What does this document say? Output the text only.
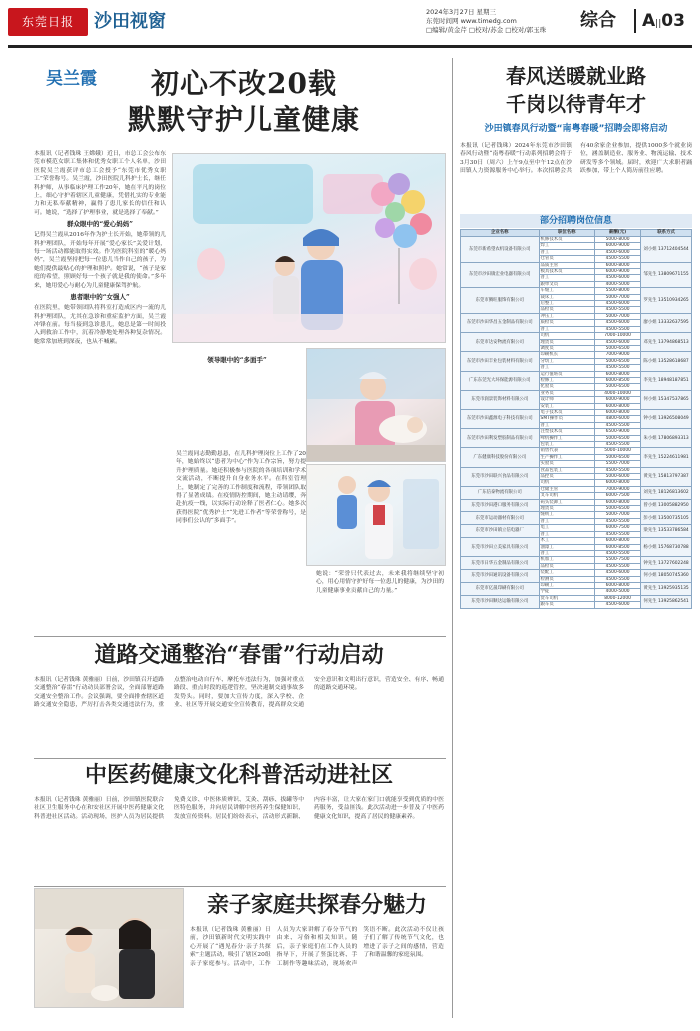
东莞日报	沙田视窗	2024年3月27日 星期三
东莞时间网 www.timedg.com
□编辑/黄金芹 □校对/苏金 □校对/郭玉珠	综合	A||03
吴兰霞	初心不改20载
默默守护儿童健康

本报讯（记者钱珠 王嫦娥）近日，市总工会公布东莞市模范女职工集体和优秀女职工个人名单，沙田医院吴兰霞获评市总工会授予“东莞市优秀女职工”荣誉称号。吴兰霞，沙田医院儿科护士长，继任科护师，从事临床护理工作20年，她在平凡的岗位上，细心守护着辖区儿童健康，凭借扎实的专业能力和无私奉献精神，赢得了患儿家长的信任和认可。她说，“选择了护理事业，就是选择了奉献。”

群众眼中的“爱心妈妈”

记得吴兰霞从2016年作为护士长开始，她带领的儿科护理团队，开始每年开展“爱心家长”关爱计划，每一场活动都能取得实效。作为医院科室的“暖心妈妈”，吴兰霞坚持把每一位患儿当作自己的孩子，为她们提供最贴心的护理和照护。她常说，“孩子是家庭的希望，照顾好每一个孩子就是我的使命。”多年来，她用爱心与耐心为儿童健康保驾护航。

患者眼中的“女强人”

在医院里，她带领团队将科室打造成区内一流的儿科护理团队，尤其在急诊和重症监护方面，吴兰霞冲锋在前。每当接到急诊患儿，她总是第一时间投入到救治工作中，沉着冷静地处理各种复杂情况。她常常加班到深夜，也从不喊累。

领导眼中的“多面手”

吴兰霞同志勤勤恳恳，在儿科护理岗位上工作了20年，她始终以“患者为中心”作为工作宗旨，努力提升护理质量。她还积极参与医院的各项培训和学术交流活动，不断提升自身业务水平。在科室管理上，她制定了完善的工作制度和流程，带领团队取得了显著成绩。在疫情防控期间，她主动请缨，奔赴抗疫一线，以实际行动诠释了医者仁心。她多次获得医院“优秀护士”“先进工作者”等荣誉称号，是同事们公认的“多面手”。

她说：“荣誉只代表过去，未来我将继续坚守初心，用心用情守护好每一位患儿的健康，为沙田的儿童健康事业贡献自己的力量。”

道路交通整治“春雷”行动启动

本报讯（记者钱珠 黄雅丽）日前，沙田镇召开道路交通整治“春雷”行动动员部署会议，全面部署道路交通安全整治工作。会议强调，要全面排查辖区道路交通安全隐患，严厉打击各类交通违法行为，重点整治电动自行车、摩托车违法行为，加强对重点路段、重点时段的巡逻管控，坚决遏制交通事故多发势头。同时，要加大宣传力度，深入学校、企业、社区等开展交通安全宣传教育，提高群众交通安全意识和文明出行意识，营造安全、有序、畅通的道路交通环境。

中医药健康文化科普活动进社区

本报讯（记者钱珠 黄雅丽）日前，沙田镇医院联合社区卫生服务中心在和安社区开展中医药健康文化科普进社区活动。活动现场，医护人员为居民提供免费义诊、中医体质辨识、艾灸、刮痧、拔罐等中医特色服务，并向居民讲解中医药养生保健知识，发放宣传资料。居民们纷纷表示，活动形式新颖、内容丰富，让大家在家门口就能享受到优质的中医药服务，受益匪浅。此次活动进一步普及了中医药健康文化知识，提高了居民的健康素养。

亲子家庭共探春分魅力

本报讯（记者钱珠 黄雅丽）日前，沙田镇新时代文明实践中心开展了“遇见春分·亲子共探索”主题活动，吸引了辖区20组亲子家庭参与。活动中，工作人员为大家讲解了春分节气的由来、习俗和相关知识。随后，亲子家庭们在工作人员的指导下，开展了竖蛋比赛、手工制作等趣味活动，现场欢声笑语不断。此次活动不仅让孩子们了解了传统节气文化，也增进了亲子之间的感情，营造了和谐温馨的家庭氛围。

春风送暖就业路
千岗以待青年才
沙田镇春风行动暨“南粤春暖”招聘会即将启动

本报讯（记者钱珠）2024年东莞市沙田镇春风行动暨“南粤春暖”行动系列招聘会将于3月30日（周六）上午9点至中午12点在沙田镇人力资源服务中心举行。本次招聘会共有40余家企业参加，提供1000多个就业岗位，涵盖制造业、服务业、物流运输、技术研发等多个领域。届时，欢迎广大求职者踊跃参加，带上个人简历前往应聘。

部分招聘岗位信息
企业名称	职位名称	薪酬(元)	联系方式
东莞市新希望农机设备有限公司	机修技术员	5000-8000	刘小姐 13712404544
	焊工	6000-9000	
	普工	4500-6000	
	仓管员	4500-5500	
东莞市沙田镇宏业电器有限公司	品质主管	6000-8000	邹先生 13809671155
	模具技术员	6000-9000	
	普工	4500-6000	
	跟单文员	4000-5000	
东莞市腾旺服饰有限公司	车缝工	5500-8000	罗先生 13510934265
	裁床工	5000-7000	
	后整工	4500-6000	
	品检员	4500-5500	
东莞市沙田华昌五金制品有限公司	冲压工	5000-7000	廖小姐 13332637595
	质检员	4500-6000	
	普工	4500-5500	
东莞市达安物流有限公司	司机	7000-10000	邓先生 13794868513
	理货员	4500-6000	
	调度员	5000-6500	
东莞市沙田丰业包装材料有限公司	印刷机长	7000-9000	陈小姐 13528618687
	分切工	5000-6500	
	普工	4500-5500	
广东东莞光大环保能源有限公司	运行值班员	6000-8000	李先生 18948187851
	检修工	6000-8500	
	化验员	5000-6500	
东莞市润景装饰材料有限公司	业务员	4000-10000	何小姐 15347537865
	设计师	6000-9000	
	安装工	6000-8000	
东莞市沙田鑫源电子科技有限公司	电子技术员	6000-8000	钟小姐 13926508049
	SMT操作员	4800-6000	
	普工	4500-5500	
东莞市沙田利发塑胶制品有限公司	注塑技术员	6500-9000	朱小姐 17806893313
	啤机操作工	5000-6500	
	包装工	4500-5500	
广东健康科技股份有限公司	销售代表	5000-10000	李先生 15224611981
	生产操作工	5000-6500	
	实验员	5500-7000	
东莞市沙田联兴食品有限公司	食品包装工	4500-5500	黄先生 15813797387
	品控员	5000-6000	
	司机	6000-8000	
广东信泰物流有限公司	仓储主管	7000-9000	刘先生 18126813602
	叉车司机	6000-7500	
东莞市沙田港口服务有限公司	码头装卸工	6000-8000	曾小姐 13005882950
	理货员	5000-6500	
东莞市运动器材有限公司	缝纫工	5000-7000	彭小姐 13500735105
	普工	4500-5500	
东莞市沙田镇立信电器厂	电工	6000-7500	梁先生 13533786584
	普工	4500-5500	
东莞市沙田立美家具有限公司	木工	6000-8000	杨小姐 15768730788
	油漆工	6000-8500	
	普工	4500-5500	
东莞市日华五金制品有限公司	机加工	5500-7500	钟先生 13727602248
	品检员	4500-5500	
东莞市沙田通讯设备有限公司	装配工	4500-6000	何小姐 18050745360
	检测员	4500-5500	
东莞市亿晟印刷有限公司	印刷工	6000-8000	黄先生 13925935135
	学徒	4000-5000	
东莞市沙田顺达运输有限公司	货车司机	8000-12000	何先生 13925862541
	跟车员	4500-6000	
